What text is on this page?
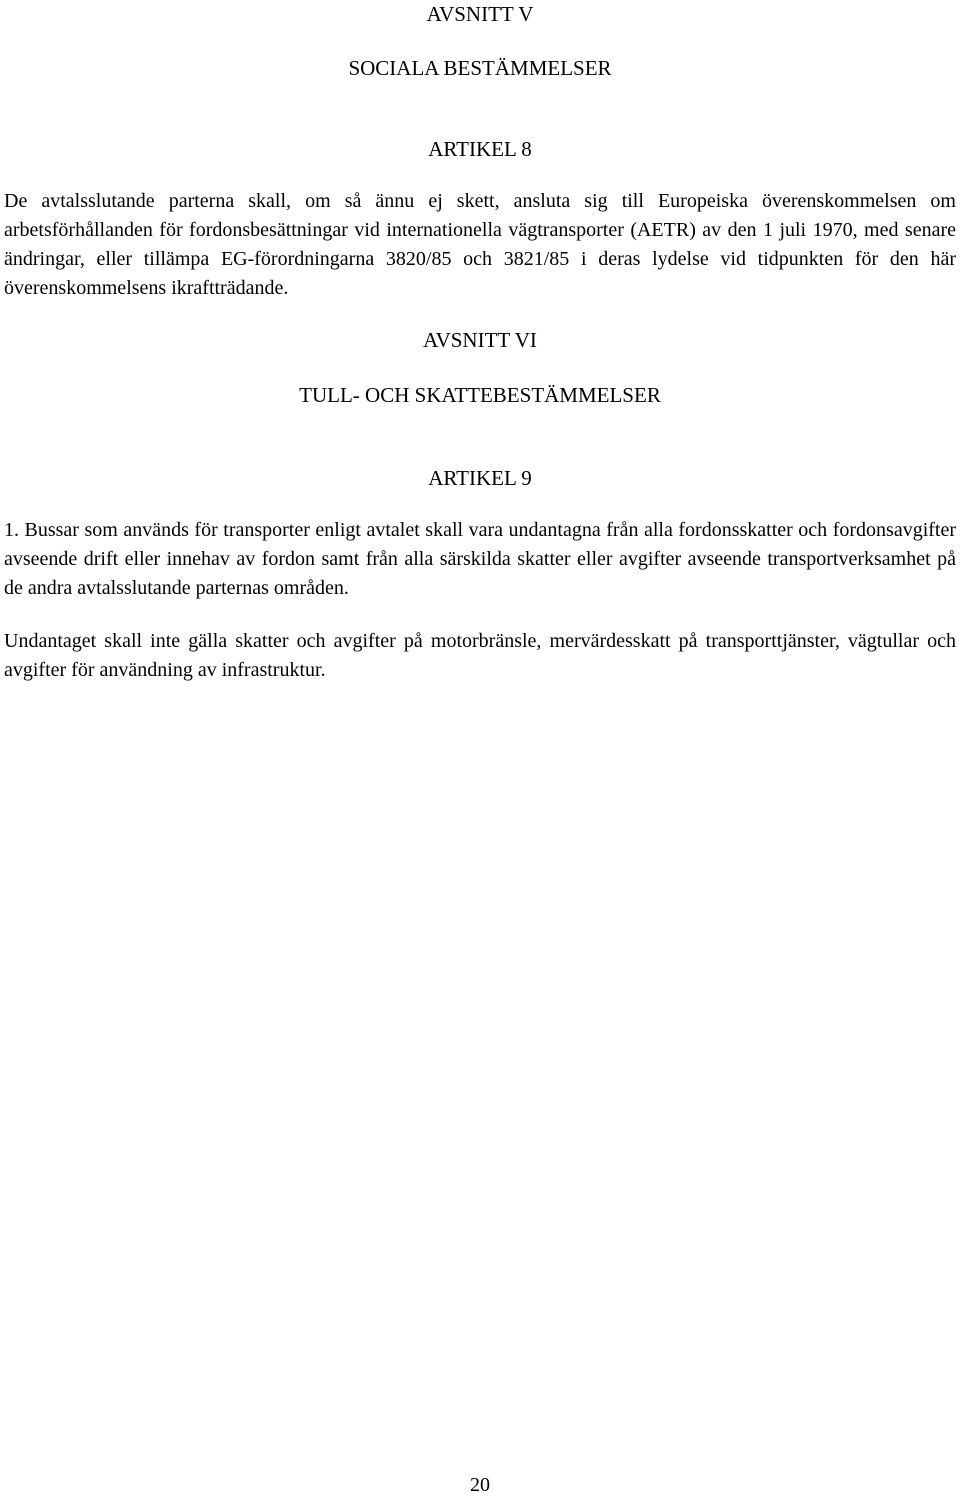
AVSNITT V
SOCIALA BESTÄMMELSER
ARTIKEL 8

De avtalsslutande parterna skall, om så ännu ej skett, ansluta sig till Europeiska överenskommelsen om arbetsförhållanden för fordonsbesättningar vid internationella vägtransporter (AETR) av den 1 juli 1970, med senare ändringar, eller tillämpa EG-förordningarna 3820/85 och 3821/85 i deras lydelse vid tidpunkten för den här överenskommelsens ikraftträdande.

AVSNITT VI
TULL- OCH SKATTEBESTÄMMELSER
ARTIKEL 9

1. Bussar som används för transporter enligt avtalet skall vara undantagna från alla fordonsskatter och fordonsavgifter avseende drift eller innehav av fordon samt från alla särskilda skatter eller avgifter avseende transportverksamhet på de andra avtalsslutande parternas områden.

Undantaget skall inte gälla skatter och avgifter på motorbränsle, mervärdesskatt på transporttjänster, vägtullar och avgifter för användning av infrastruktur.

20
